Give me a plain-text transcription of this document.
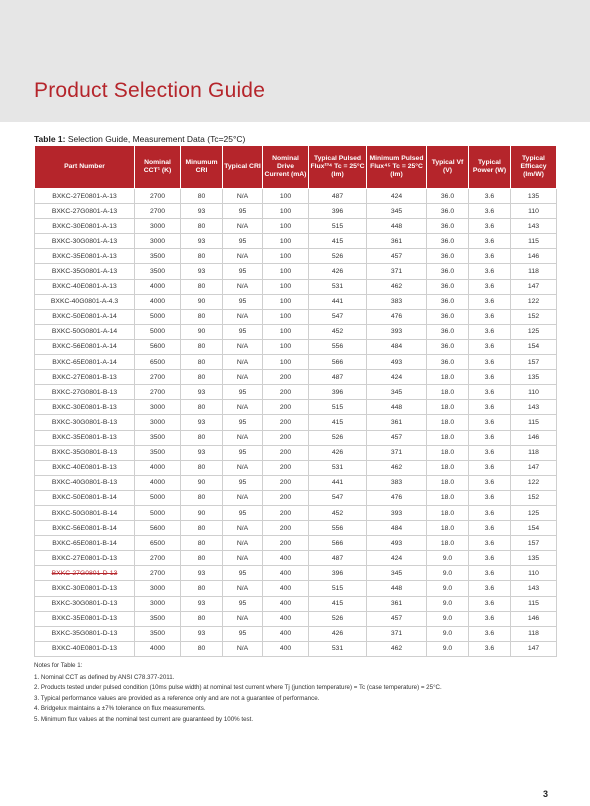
Product Selection Guide
Table 1: Selection Guide, Measurement Data (Tc=25°C)
Part Number	Nominal CCT¹ (K)	Minumum CRI	Typical CRI	Nominal Drive Current (mA)	Typical Pulsed Flux²³⁴ Tc = 25°C (lm)	Minimum Pulsed Flux⁴⁵ Tc = 25°C (lm)	Typical Vf (V)	Typical Power (W)	Typical Efficacy (lm/W)
BXKC-27E0801-A-13	2700	80	N/A	100	487	424	36.0	3.6	135
BXKC-27G0801-A-13	2700	93	95	100	396	345	36.0	3.6	110
BXKC-30E0801-A-13	3000	80	N/A	100	515	448	36.0	3.6	143
BXKC-30G0801-A-13	3000	93	95	100	415	361	36.0	3.6	115
BXKC-35E0801-A-13	3500	80	N/A	100	526	457	36.0	3.6	146
BXKC-35G0801-A-13	3500	93	95	100	426	371	36.0	3.6	118
BXKC-40E0801-A-13	4000	80	N/A	100	531	462	36.0	3.6	147
BXKC-40G0801-A-4.3	4000	90	95	100	441	383	36.0	3.6	122
BXKC-50E0801-A-14	5000	80	N/A	100	547	476	36.0	3.6	152
BXKC-50G0801-A-14	5000	90	95	100	452	393	36.0	3.6	125
BXKC-56E0801-A-14	5600	80	N/A	100	556	484	36.0	3.6	154
BXKC-65E0801-A-14	6500	80	N/A	100	566	493	36.0	3.6	157
BXKC-27E0801-B-13	2700	80	N/A	200	487	424	18.0	3.6	135
BXKC-27G0801-B-13	2700	93	95	200	396	345	18.0	3.6	110
BXKC-30E0801-B-13	3000	80	N/A	200	515	448	18.0	3.6	143
BXKC-30G0801-B-13	3000	93	95	200	415	361	18.0	3.6	115
BXKC-35E0801-B-13	3500	80	N/A	200	526	457	18.0	3.6	146
BXKC-35G0801-B-13	3500	93	95	200	426	371	18.0	3.6	118
BXKC-40E0801-B-13	4000	80	N/A	200	531	462	18.0	3.6	147
BXKC-40G0801-B-13	4000	90	95	200	441	383	18.0	3.6	122
BXKC-50E0801-B-14	5000	80	N/A	200	547	476	18.0	3.6	152
BXKC-50G0801-B-14	5000	90	95	200	452	393	18.0	3.6	125
BXKC-56E0801-B-14	5600	80	N/A	200	556	484	18.0	3.6	154
BXKC-65E0801-B-14	6500	80	N/A	200	566	493	18.0	3.6	157
BXKC-27E0801-D-13	2700	80	N/A	400	487	424	9.0	3.6	135
BXKC-27G0801-D-13	2700	93	95	400	396	345	9.0	3.6	110
BXKC-30E0801-D-13	3000	80	N/A	400	515	448	9.0	3.6	143
BXKC-30G0801-D-13	3000	93	95	400	415	361	9.0	3.6	115
BXKC-35E0801-D-13	3500	80	N/A	400	526	457	9.0	3.6	146
BXKC-35G0801-D-13	3500	93	95	400	426	371	9.0	3.6	118
BXKC-40E0801-D-13	4000	80	N/A	400	531	462	9.0	3.6	147
Notes for Table 1:
1. Nominal CCT as defined by ANSI C78.377-2011.
2. Products tested under pulsed condition (10ms pulse width) at nominal test current where Tj (junction temperature) = Tc (case temperature) = 25°C.
3. Typical performance values are provided as a reference only and are not a guarantee of performance.
4. Bridgelux maintains a ±7% tolerance on flux measurements.
5. Minimum flux values at the nominal test current are guaranteed by 100% test.
3
